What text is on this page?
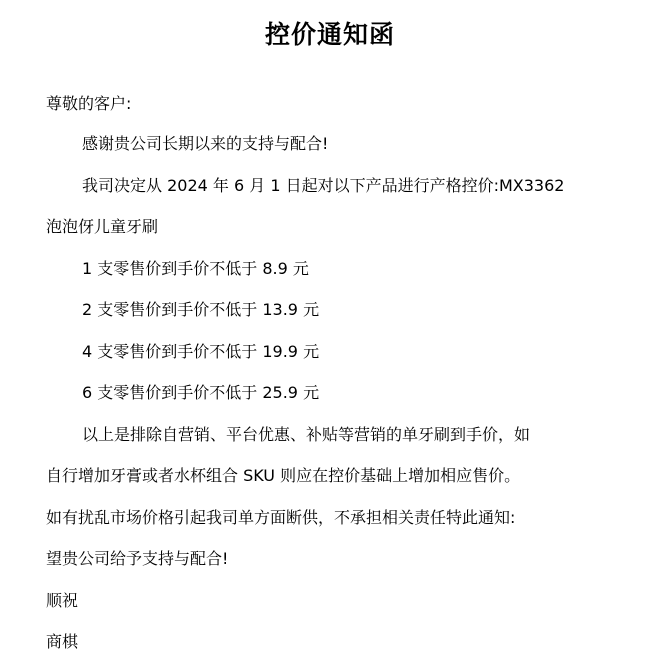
控价通知函
尊敬的客户:
感谢贵公司长期以来的支持与配合!
我司决定从 2024 年 6 月 1 日起对以下产品进行产格控价:MX3362
泡泡伢儿童牙刷
1 支零售价到手价不低于 8.9 元
2 支零售价到手价不低于 13.9 元
4 支零售价到手价不低于 19.9 元
6 支零售价到手价不低于 25.9 元
以上是排除自营销、平台优惠、补贴等营销的单牙刷到手价，如
自行增加牙膏或者水杯组合 SKU 则应在控价基础上增加相应售价。
如有扰乱市场价格引起我司单方面断供，不承担相关责任特此通知:
望贵公司给予支持与配合!
顺祝
商棋
